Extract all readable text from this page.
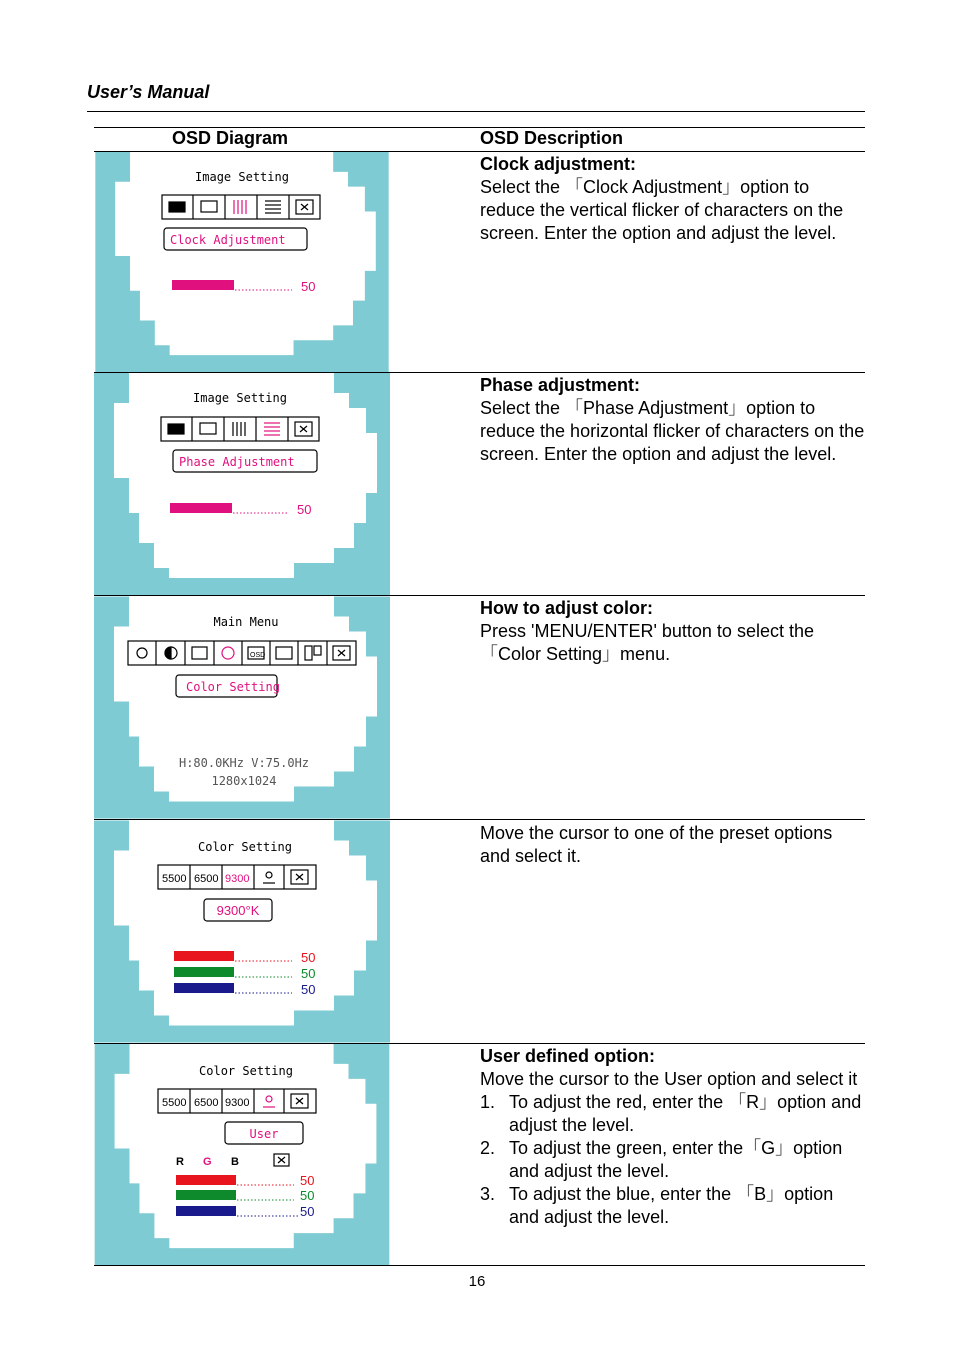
User’s Manual
OSD Diagram	OSD Description
Image Setting
Clock Adjustment
50
Clock adjustment:
Select the 「Clock Adjustment」option to reduce the vertical flicker of characters on the screen. Enter the option and adjust the level.
Image Setting
Phase Adjustment
50
Phase adjustment:
Select the 「Phase Adjustment」option to reduce the horizontal flicker of characters on the screen. Enter the option and adjust the level.
Main Menu
OSD
Color Setting
H:80.0KHz V:75.0Hz
1280x1024
How to adjust color:
Press 'MENU/ENTER' button to select the 「Color Setting」menu.
Color Setting
5500 6500 9300
9300°K
50
50
50
Move the cursor to one of the preset options and select it.
Color Setting
5500 6500 9300
User
R G B
50
50
50
User defined option:
Move the cursor to the User option and select it
1. To adjust the red, enter the 「R」option and adjust the level.
2. To adjust the green, enter the「G」option and adjust the level.
3. To adjust the blue, enter the 「B」option and adjust the level.
16
